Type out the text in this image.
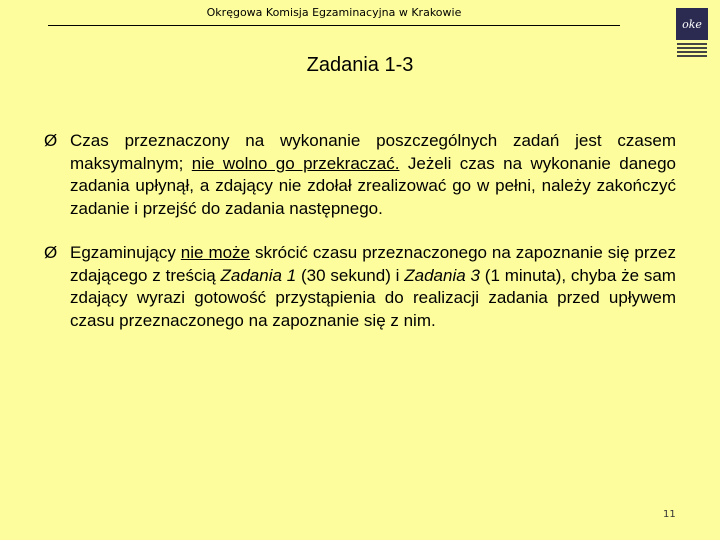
Okręgowa Komisja Egzaminacyjna w Krakowie
oke
Zadania 1-3
Ø Czas przeznaczony na wykonanie poszczególnych zadań jest czasem maksymalnym; nie wolno go przekraczać. Jeżeli czas na wykonanie danego zadania upłynął, a zdający nie zdołał zrealizować go w pełni, należy zakończyć zadanie i przejść do zadania następnego.

Ø Egzaminujący nie może skrócić czasu przeznaczonego na zapoznanie się przez zdającego z treścią Zadania 1 (30 sekund) i Zadania 3 (1 minuta), chyba że sam zdający wyrazi gotowość przystąpienia do realizacji zadania przed upływem czasu przeznaczonego na zapoznanie się z nim.

11
